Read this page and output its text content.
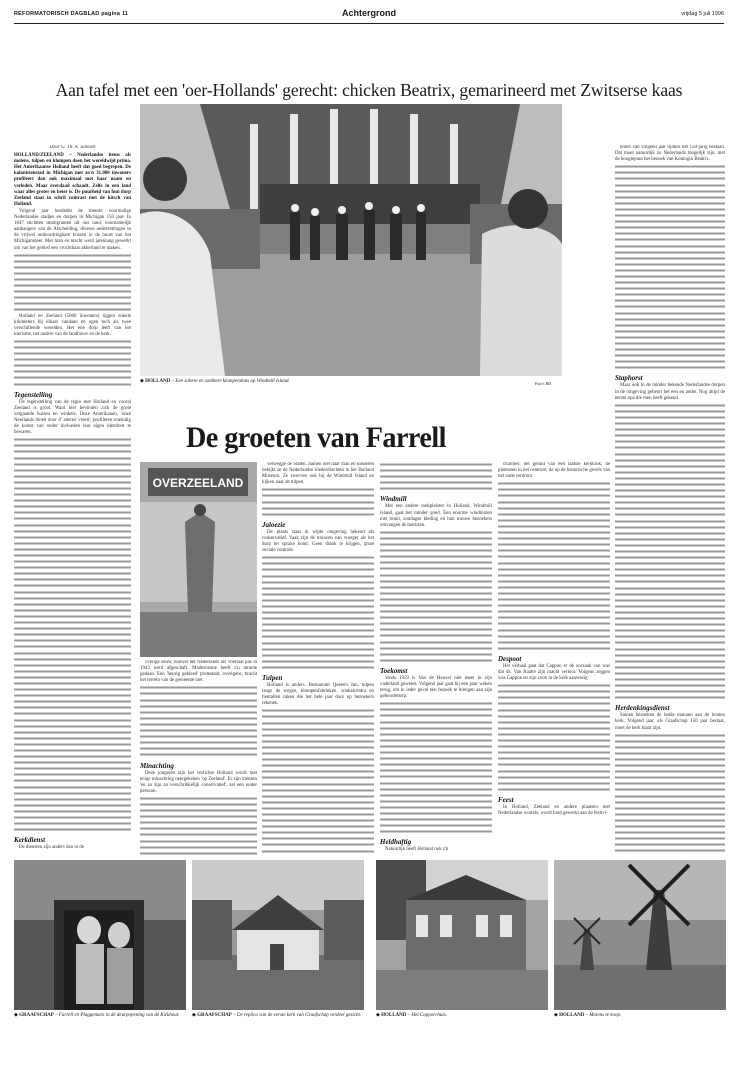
REFORMATORISCH DAGBLAD pagina 11	Achtergrond	vrijdag 5 juli 1996
Aan tafel met een 'oer-Hollands' gerecht: chicken Beatrix, gemarineerd met Zwitserse kaas
◆ HOLLAND – Een sobere en sombere klompendans op Windmill Island.	Foto's RD
De groeten van Farrell

Door G. Th. A. Janssen

HOLLAND/ZEELAND – Nederlandse items als molens, tulpen en klompen doen het wereldwijd prima. Het Amerikaanse Holland heeft dat goed begrepen. De kolonistenstad in Michigan met zo'n 31.000 inwoners profileert dan ook maximaal met haar naam en verleden. Maar overdaad schaadt. Zelfs in een land waar alles groter en beter is. De puurheid van hun dorp Zeeland staat in schril contrast met de kitsch van Holland.

Volgend jaar herdenkt de meeste voormalige Nederlandse stadjes en dorpen in Michigan 150 jaar. In 1847 stichtten immigranten uit ons land, voornamelijk aanhangers van de Afscheiding, diverse nederzettingen in de vrijwel ondoordringbare bossen in de buurt van het Michiganmeer. Met man en macht werd jarenlang gewerkt om van het gebied een vruchtbaar akkerland te maken.

Holland en Zeeland (5000 inwoners) liggen enkele kilometers bij elkaar vandaan en ogen toch als twee verschillende werelden. Het ene dorp leeft van het toerisme, het andere van de landbouw en de kerk.

Tegenstelling

De tegenstelling van de regio met Holland en vooral Zeeland is groot. Want hier bevinden zich de grote vergaande huizen en winkels. Deze Amerikanen, 'onze Neerlands bloed door d' aderen vloeit', profileren oneindig de komst van onder invloeden hun eigen identiteit te bewaren.

Kerkdienst

De diensten zijn anders dan in de

OVERZEELAND

overige eeuw, hoewel het Nederlands als voertaal pas in 1943 werd afgeschaft. Modernisme heeft z'n intrede gedaan. Een 'heurig gekleed' protestant, overigens, bracht het terrein van de gemeente niet.

Minachting

Deze jongeren zijn het verlichte Holland wordt met enige minachting neergekeken 'op Zeeland'. Er zijn mensen 'en zo zijn zo verschrikkelijk conservatief', zei een ouder persoon.

verwegge de Staten. Samen met haar man en kinderen bekijkt ze de Nederlandse klederdrachten in het Holland Museum. Ze zwerven ook bij de Windmill Island en kijken naar de tulpen.

Jaloezie

De plaats staat in wijde omgeving bekend als conservatief. Vaak zijn de trouwen van vroeger als het dorp ter sprake komt. Geen drank te krijgen, grote sociale controle.

Tulpen

Holland is anders. Restaurant Queen's Inn, tulpen langs de wegen, klompenfabrieken, winkelcentra en tientallen zaken die het hele jaar door op bezoekers rekenen.

Windmill

Met een andere toekpleister in Holland, Windmill Island, gaat het minder goed. Een enorme windmolen met bruin, zondagse kleding en hun trouwe bezoekers ontvangen de toeristen.

Toekomst

Sinds 1959 is Van de Heuvel niet meer in zijn vaderland geweest. Volgend jaar gaat hij een paar weken terug, om in ieder geval een bezoek te brengen aan zijn geboortedorp.

Heldhaftig

Natuurlijk heeft Holland ook z'n

charmes: het geluid van een laatste kerkklok; de plantsoen in het centrum; de op de historische gevels van het oude centrum.

Despoot

Het verhaal gaat dat Cappon er de oorzaak van was dat ds. Van Raalte zijn macht verloor. Volgens zeggen was Cappon en zijn zoon in de kerk aanwezig.

Feest

In Holland, Zeeland en andere plaatsen met Nederlandse wortels, wordt hard gewerkt aan de festivi-

teiten van volgend jaar tijdens het 150-jarig bestaan. Dat moet natuurlijk zo Nederlands mogelijk zijn, met de hoogtepunt het bezoek van Koningin Beatrix.

Staphorst

Maar ook in de minder bekende Nederlandse dorpen in de omgeving gebeurt het een en ander. Nog altijd de eerste opa die men heeft gekend.

Herdenkingsdienst

Samen bezoeken de beide mannen aan de houten kerk. Volgend jaar, als Graafschap 150 jaar bestaat, moet de kerk klaar zijn.

◆ GRAAFSCHAP – Farrell en Plaggemars in de deurpopening van de Kirkhout.	◆ GRAAFSCHAP – De replica van de eerste kerk van Graafschap verdeel gezicht.	◆ HOLLAND – Het Cappon-huis.	◆ HOLLAND – Molens te koop.
